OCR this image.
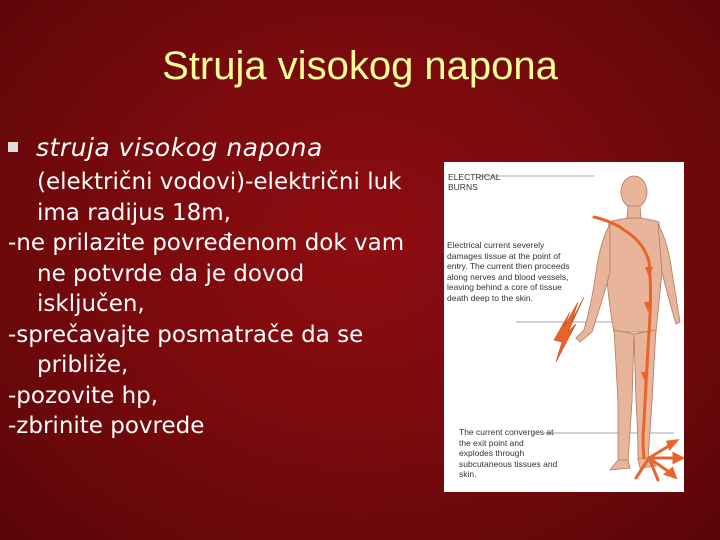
Struja visokog napona
struja visokog napona
(električni vodovi)-električni luk
ima radijus 18m,
-ne prilazite povređenom dok vam
ne potvrde da je dovod
isključen,
-sprečavajte posmatrače da se
približe,
-pozovite hp,
-zbrinite povrede
ELECTRICAL BURNS
Electrical current severely damages tissue at the point of entry. The current then proceeds along nerves and blood vessels, leaving behind a core of tissue death deep to the skin.
The current converges at the exit point and explodes through subcutaneous tissues and skin.
